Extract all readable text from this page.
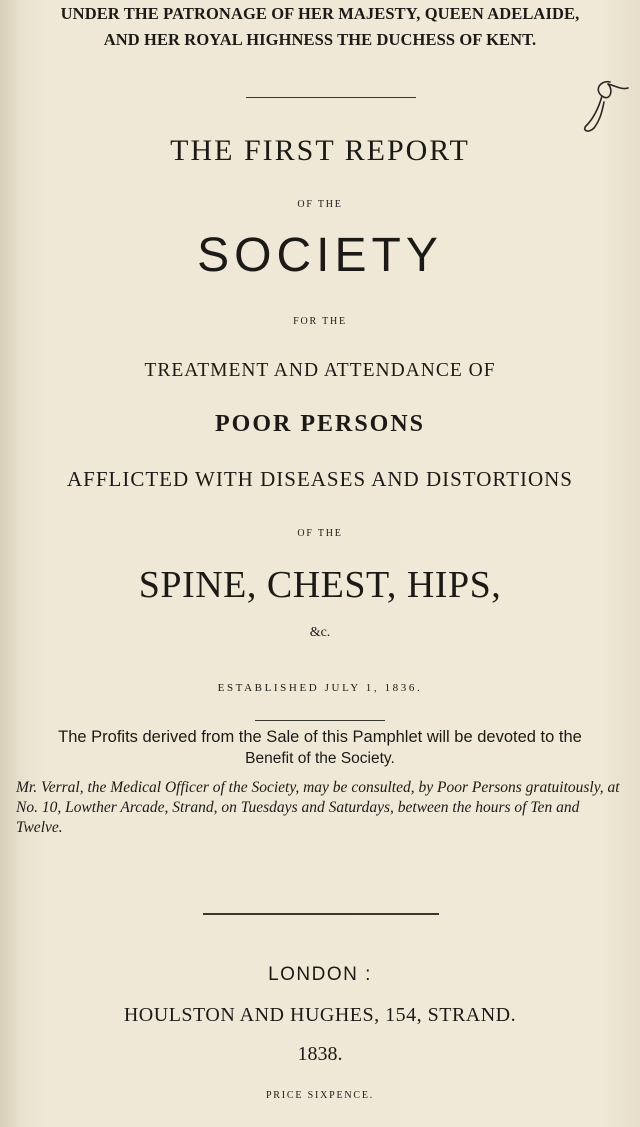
UNDER THE PATRONAGE OF HER MAJESTY, QUEEN ADELAIDE,
AND HER ROYAL HIGHNESS THE DUCHESS OF KENT.
THE FIRST REPORT
OF THE
SOCIETY
FOR THE
TREATMENT AND ATTENDANCE OF
POOR PERSONS
AFFLICTED WITH DISEASES AND DISTORTIONS
OF THE
SPINE, CHEST, HIPS,
&c.
ESTABLISHED JULY 1, 1836.
The Profits derived from the Sale of this Pamphlet will be devoted to the
Benefit of the Society.
Mr. Verral, the Medical Officer of the Society, may be consulted, by Poor Persons gratuitously, at No. 10, Lowther Arcade, Strand, on Tuesdays and Saturdays, between the hours of Ten and Twelve.
LONDON :
HOULSTON AND HUGHES, 154, STRAND.
1838.
PRICE SIXPENCE.
